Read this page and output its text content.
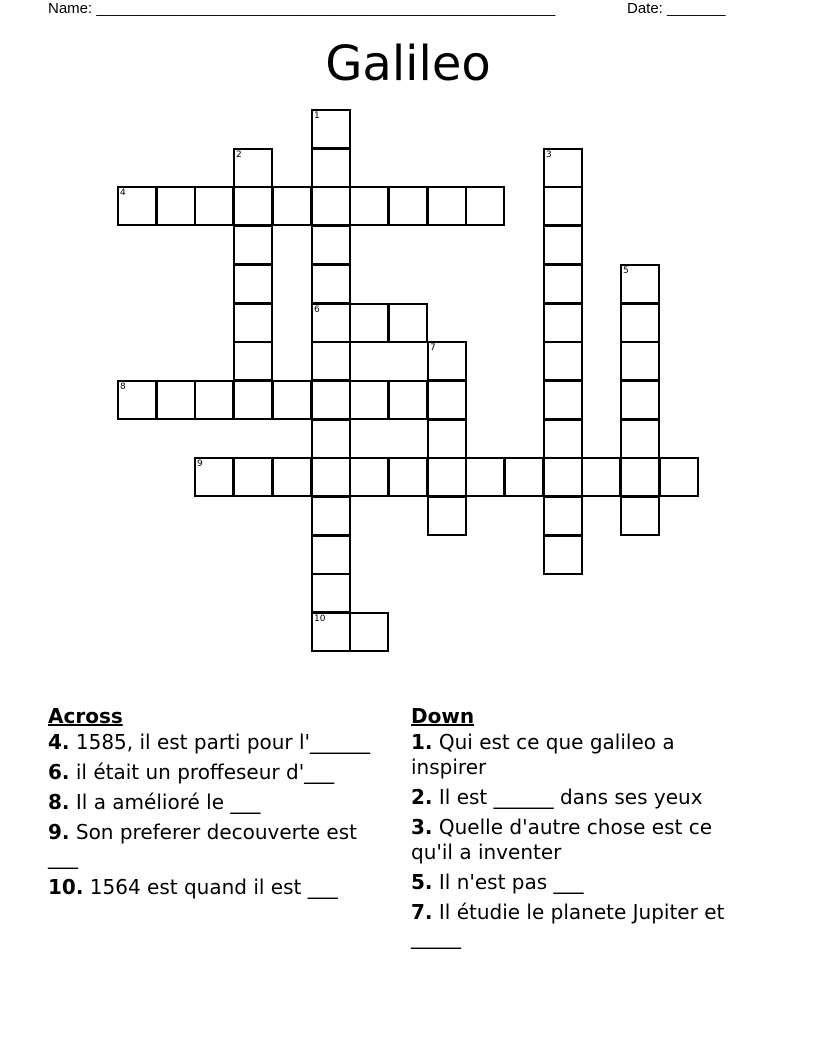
Name: _______________________________________________________	Date: _______
Galileo
1
2	3
4
5
6
7
8
9
10
Across
4. 1585, il est parti pour l'______
6. il était un proffeseur d'___
8. Il a amélioré le ___
9. Son preferer decouverte est ___
10. 1564 est quand il est ___
Down
1. Qui est ce que galileo a inspirer
2. Il est ______ dans ses yeux
3. Quelle d'autre chose est ce qu'il a inventer
5. Il n'est pas ___
7. Il étudie le planete Jupiter et _____
